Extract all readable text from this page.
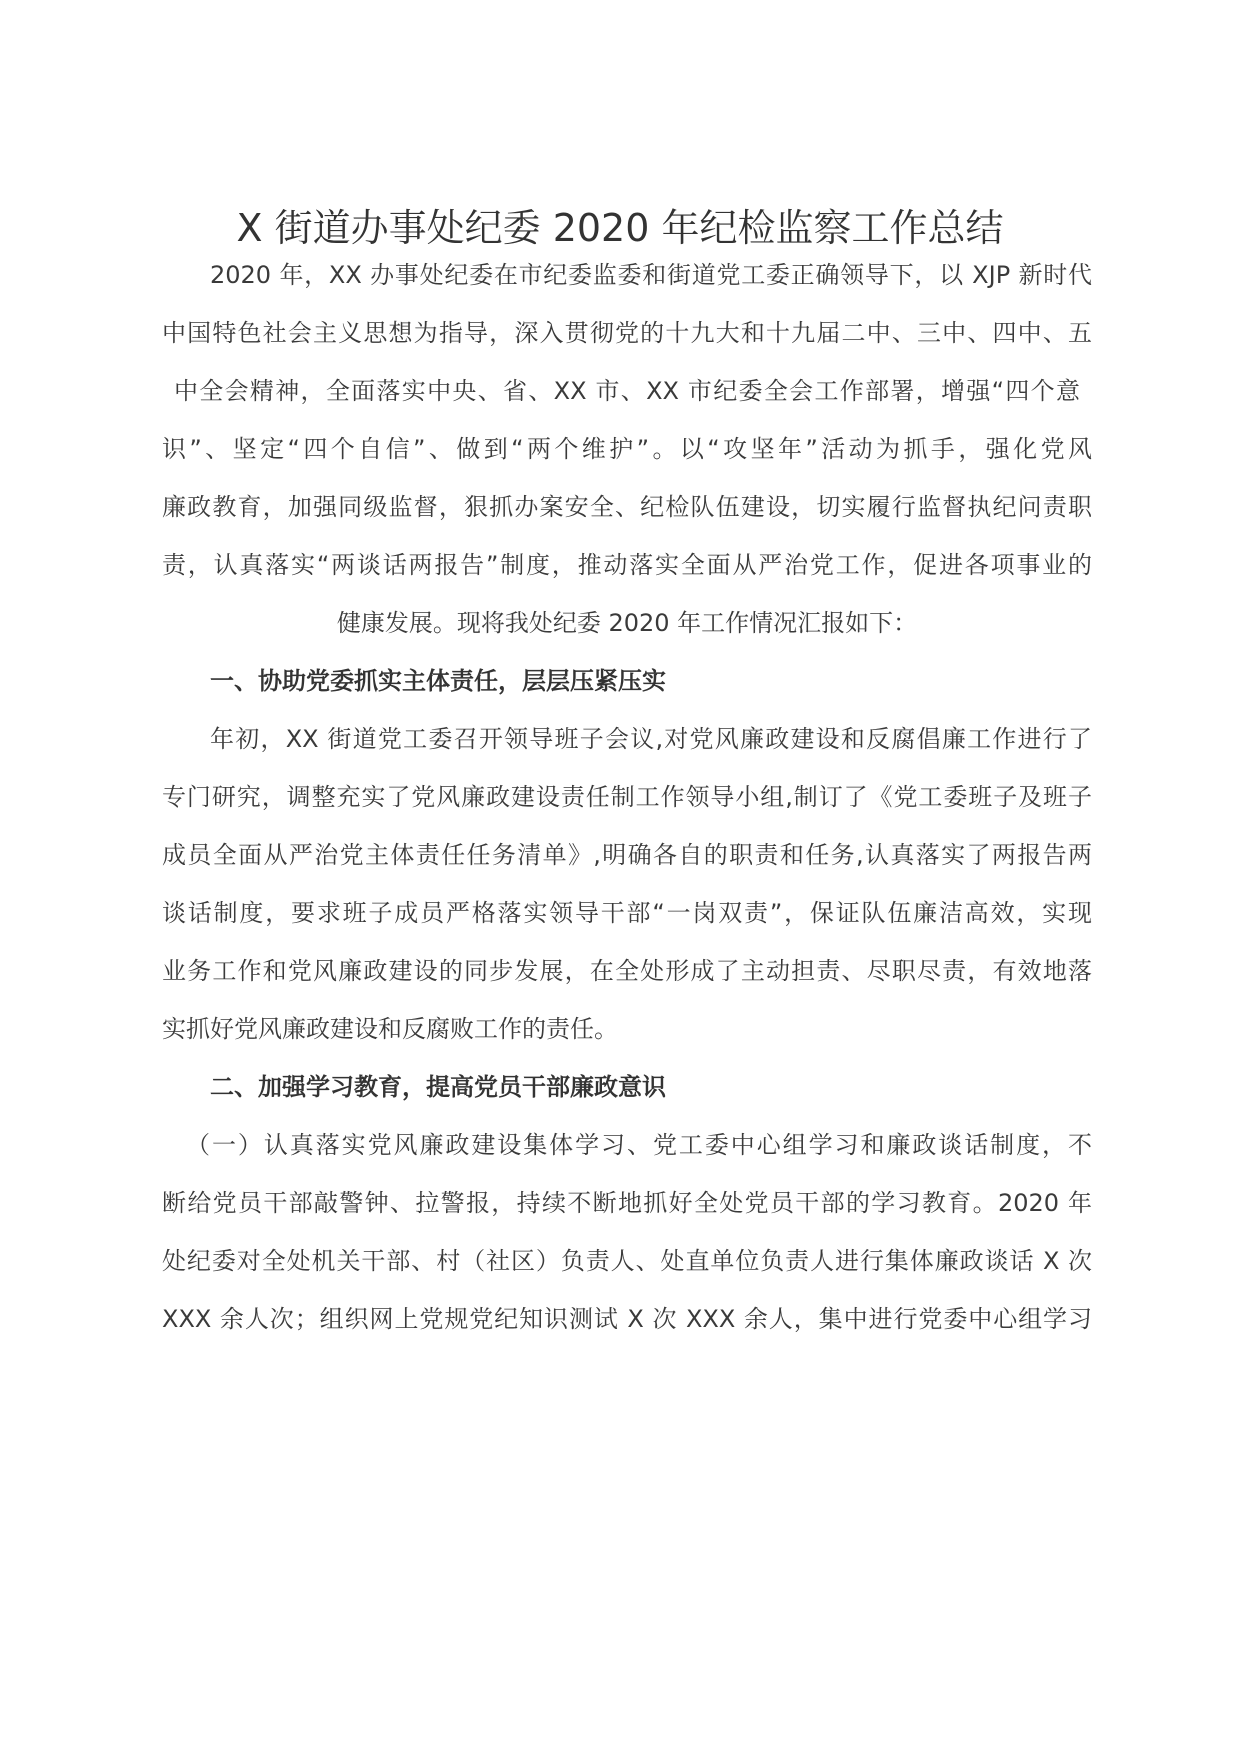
X 街道办事处纪委 2020 年纪检监察工作总结

2020 年，XX 办事处纪委在市纪委监委和街道党工委正确领导下，以 XJP 新时代

中国特色社会主义思想为指导，深入贯彻党的十九大和十九届二中、三中、四中、五

中全会精神，全面落实中央、省、XX 市、XX 市纪委全会工作部署，增强“四个意

识”、坚定“四个自信”、做到“两个维护”。以“攻坚年”活动为抓手，强化党风

廉政教育，加强同级监督，狠抓办案安全、纪检队伍建设，切实履行监督执纪问责职

责，认真落实“两谈话两报告”制度，推动落实全面从严治党工作，促进各项事业的

健康发展。现将我处纪委 2020 年工作情况汇报如下：

一、协助党委抓实主体责任，层层压紧压实

年初，XX 街道党工委召开领导班子会议,对党风廉政建设和反腐倡廉工作进行了

专门研究，调整充实了党风廉政建设责任制工作领导小组,制订了《党工委班子及班子

成员全面从严治党主体责任任务清单》,明确各自的职责和任务,认真落实了两报告两

谈话制度，要求班子成员严格落实领导干部“一岗双责”，保证队伍廉洁高效，实现

业务工作和党风廉政建设的同步发展，在全处形成了主动担责、尽职尽责，有效地落

实抓好党风廉政建设和反腐败工作的责任。

二、加强学习教育，提高党员干部廉政意识

（一）认真落实党风廉政建设集体学习、党工委中心组学习和廉政谈话制度，不

断给党员干部敲警钟、拉警报，持续不断地抓好全处党员干部的学习教育。2020 年

处纪委对全处机关干部、村（社区）负责人、处直单位负责人进行集体廉政谈话 X 次

XXX 余人次；组织网上党规党纪知识测试 X 次 XXX 余人，集中进行党委中心组学习
